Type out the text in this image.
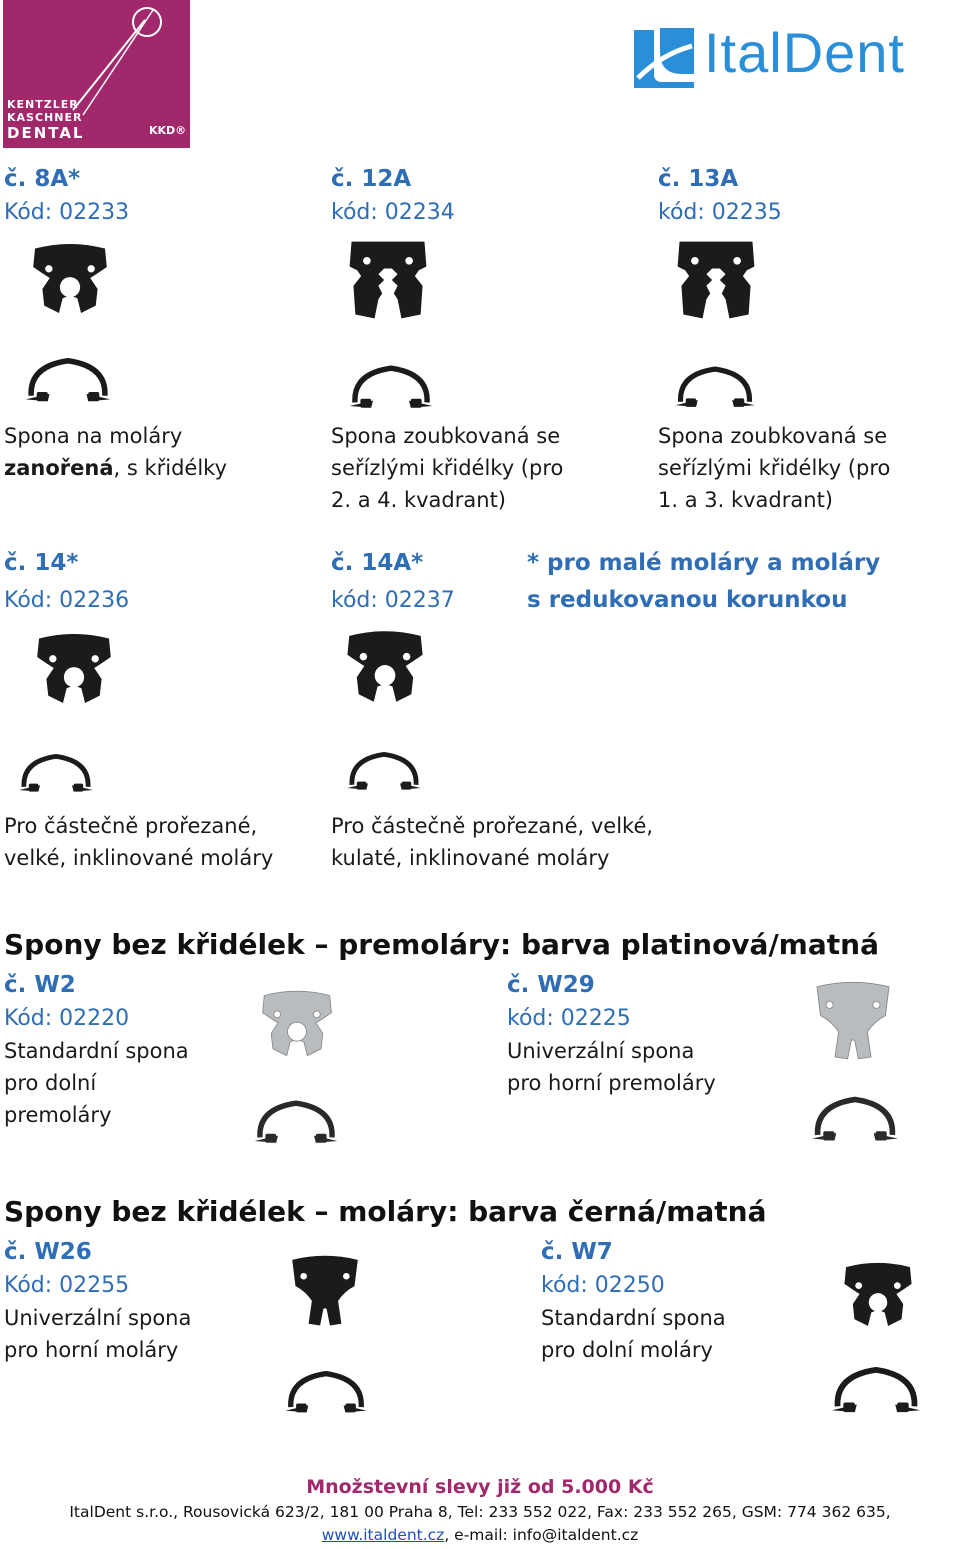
KENTZLER
KASCHNER
DENTAL	KKD®
ItalDent
č. 8A*
Kód: 02233
č. 12A
kód: 02234
č. 13A
kód: 02235
Spona na moláry
zanořená, s křidélky
Spona zoubkovaná se
seřízlými křidélky (pro
2. a 4. kvadrant)
Spona zoubkovaná se
seřízlými křidélky (pro
1. a 3. kvadrant)
č. 14*
Kód: 02236
č. 14A*
kód: 02237
* pro malé moláry a moláry
s redukovanou korunkou
Pro částečně prořezané,
velké, inklinované moláry
Pro částečně prořezané, velké,
kulaté, inklinované moláry
Spony bez křidélek – premoláry: barva platinová/matná
č. W2
Kód: 02220
Standardní spona
pro dolní
premoláry
č. W29
kód: 02225
Univerzální spona
pro horní premoláry
Spony bez křidélek – moláry: barva černá/matná
č. W26
Kód: 02255
Univerzální spona
pro horní moláry
č. W7
kód: 02250
Standardní spona
pro dolní moláry
Množstevní slevy již od 5.000 Kč
ItalDent s.r.o., Rousovická 623/2, 181 00 Praha 8, Tel: 233 552 022, Fax: 233 552 265, GSM: 774 362 635,
www.italdent.cz, e-mail: info@italdent.cz
